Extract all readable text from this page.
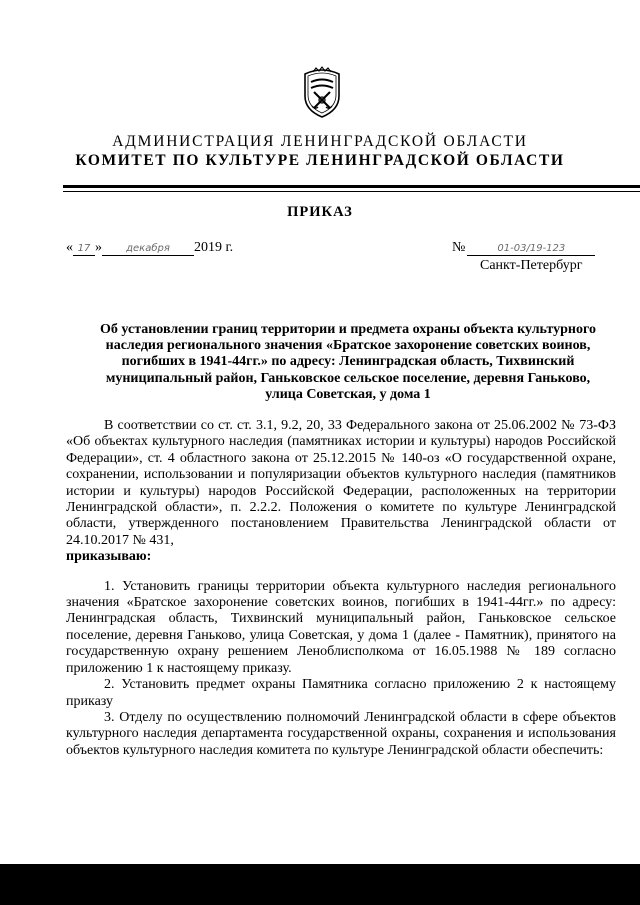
АДМИНИСТРАЦИЯ ЛЕНИНГРАДСКОЙ ОБЛАСТИ
КОМИТЕТ ПО КУЛЬТУРЕ ЛЕНИНГРАДСКОЙ ОБЛАСТИ
ПРИКАЗ
« 17 » декабря 2019 г.	№	01-03/19-123
Санкт-Петербург
Об установлении границ территории и предмета охраны объекта культурного
наследия регионального значения «Братское захоронение советских воинов,
погибших в 1941-44гг.» по адресу: Ленинградская область, Тихвинский
муниципальный район, Ганьковское сельское поселение, деревня Ганьково,
улица Советская, у дома 1

В соответствии со ст. ст. 3.1, 9.2, 20, 33 Федерального закона от 25.06.2002 № 73-ФЗ «Об объектах культурного наследия (памятниках истории и культуры) народов Российской Федерации», ст. 4 областного закона от 25.12.2015 № 140-оз «О государственной охране, сохранении, использовании и популяризации объектов культурного наследия (памятников истории и культуры) народов Российской Федерации, расположенных на территории Ленинградской области», п. 2.2.2. Положения о комитете по культуре Ленинградской области, утвержденного постановлением Правительства Ленинградской области от 24.10.2017 № 431,
приказываю:

1. Установить границы территории объекта культурного наследия регионального значения «Братское захоронение советских воинов, погибших в 1941-44гг.» по адресу: Ленинградская область, Тихвинский муниципальный район, Ганьковское сельское поселение, деревня Ганьково, улица Советская, у дома 1 (далее - Памятник), принятого на государственную охрану решением Леноблисполкома от 16.05.1988 № 189 согласно приложению 1 к настоящему приказу.

2. Установить предмет охраны Памятника согласно приложению 2 к настоящему приказу

3. Отделу по осуществлению полномочий Ленинградской области в сфере объектов культурного наследия департамента государственной охраны, сохранения и использования объектов культурного наследия комитета по культуре Ленинградской области обеспечить:
